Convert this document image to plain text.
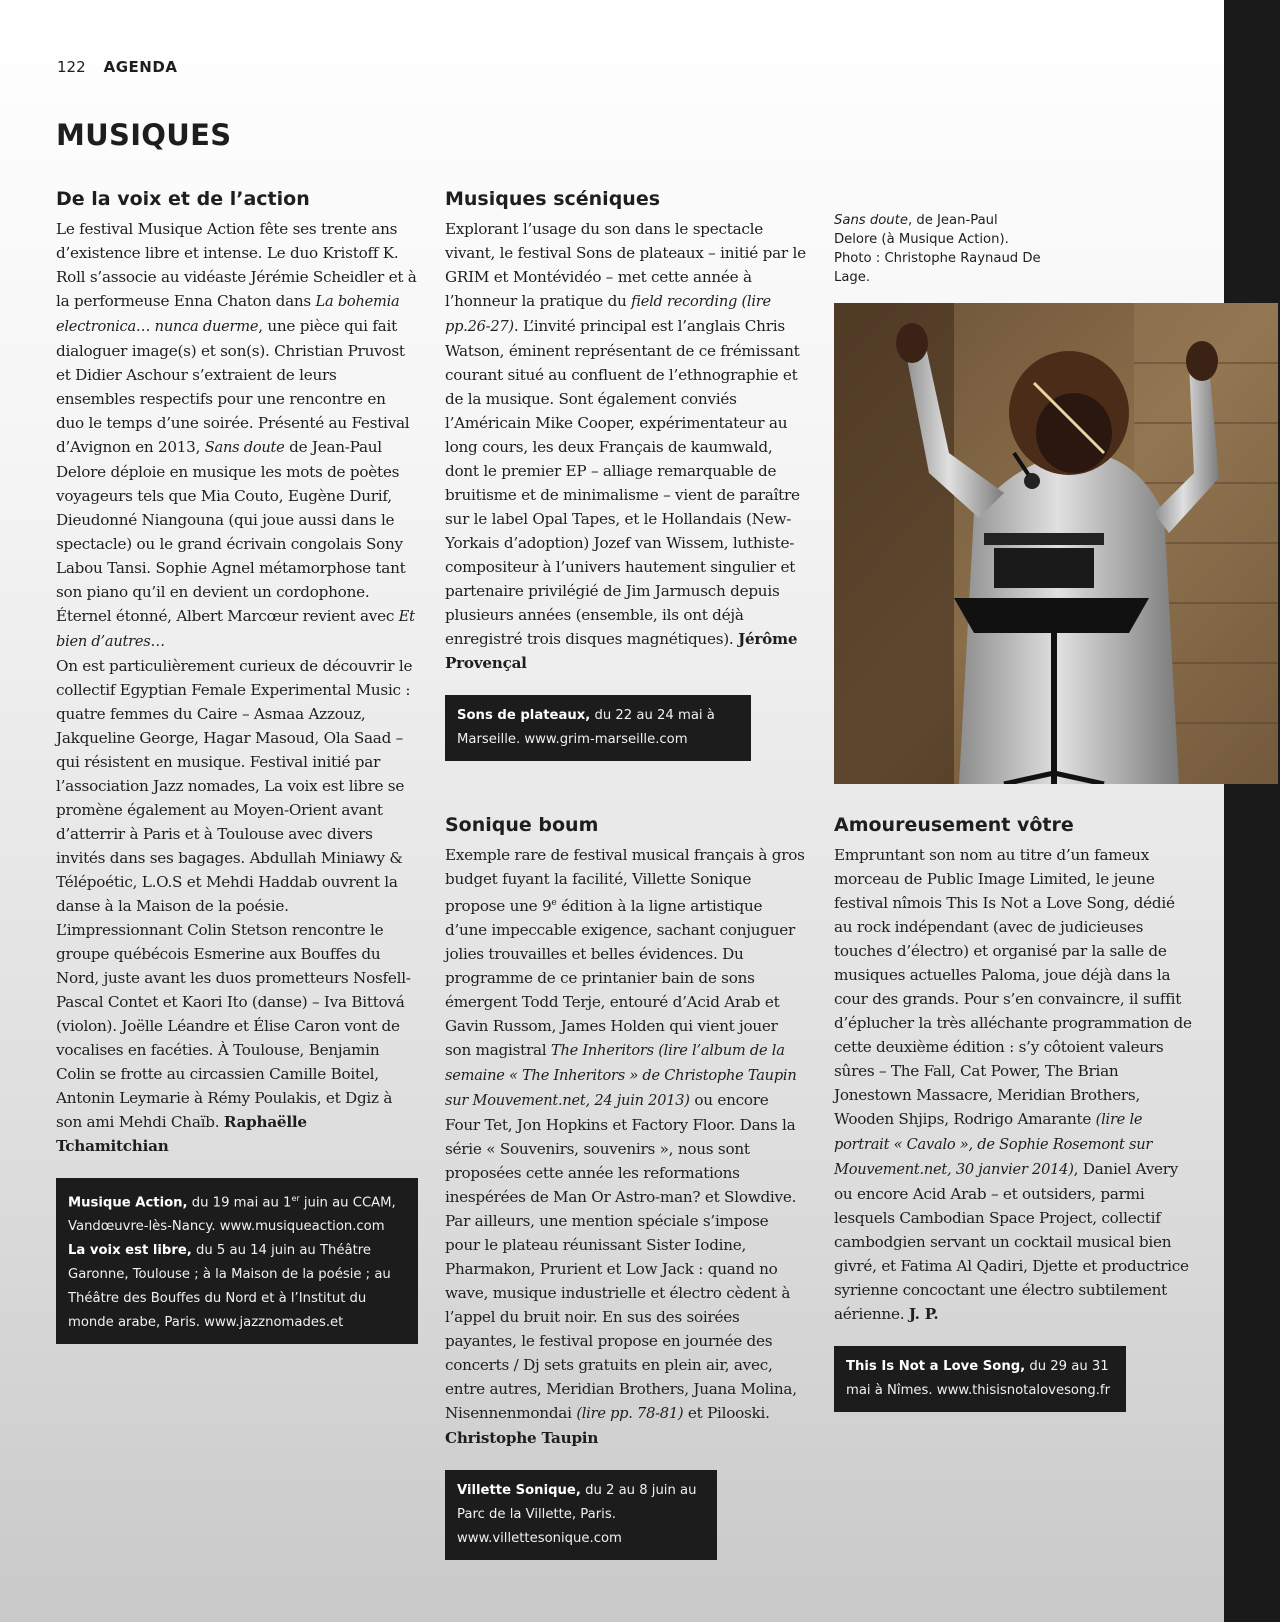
122 AGENDA
MUSIQUES
De la voix et de l’action

Le festival Musique Action fête ses trente ans d’existence libre et intense. Le duo Kristoff K. Roll s’associe au vidéaste Jérémie Scheidler et à la performeuse Enna Chaton dans La bohemia electronica… nunca duerme, une pièce qui fait dialoguer image(s) et son(s). Christian Pruvost et Didier Aschour s’extraient de leurs ensembles respectifs pour une rencontre en duo le temps d’une soirée. Présenté au Festival d’Avignon en 2013, Sans doute de Jean-Paul Delore déploie en musique les mots de poètes voyageurs tels que Mia Couto, Eugène Durif, Dieudonné Niangouna (qui joue aussi dans le spectacle) ou le grand écrivain congolais Sony Labou Tansi. Sophie Agnel métamorphose tant son piano qu’il en devient un cordophone. Éternel étonné, Albert Marcœur revient avec Et bien d’autres…

On est particulièrement curieux de découvrir le collectif Egyptian Female Experimental Music : quatre femmes du Caire – Asmaa Azzouz, Jakqueline George, Hagar Masoud, Ola Saad – qui résistent en musique. Festival initié par l’association Jazz nomades, La voix est libre se promène également au Moyen-Orient avant d’atterrir à Paris et à Toulouse avec divers invités dans ses bagages. Abdullah Miniawy & Télépoétic, L.O.S et Mehdi Haddab ouvrent la danse à la Maison de la poésie. L’impressionnant Colin Stetson rencontre le groupe québécois Esmerine aux Bouffes du Nord, juste avant les duos prometteurs Nosfell-Pascal Contet et Kaori Ito (danse) – Iva Bittová (violon). Joëlle Léandre et Élise Caron vont de vocalises en facéties. À Toulouse, Benjamin Colin se frotte au circassien Camille Boitel, Antonin Leymarie à Rémy Poulakis, et Dgiz à son ami Mehdi Chaïb. Raphaëlle Tchamitchian

Musique Action, du 19 mai au 1er juin au CCAM, Vandœuvre-lès-Nancy. www.musiqueaction.com
La voix est libre, du 5 au 14 juin au Théâtre Garonne, Toulouse ; à la Maison de la poésie ; au Théâtre des Bouffes du Nord et à l’Institut du monde arabe, Paris. www.jazznomades.et
Musiques scéniques

Explorant l’usage du son dans le spectacle vivant, le festival Sons de plateaux – initié par le GRIM et Montévidéo – met cette année à l’honneur la pratique du field recording (lire pp.26-27). L’invité principal est l’anglais Chris Watson, éminent représentant de ce frémissant courant situé au confluent de l’ethnographie et de la musique. Sont également conviés l’Américain Mike Cooper, expérimentateur au long cours, les deux Français de kaumwald, dont le premier EP – alliage remarquable de bruitisme et de minimalisme – vient de paraître sur le label Opal Tapes, et le Hollandais (New-Yorkais d’adoption) Jozef van Wissem, luthiste-compositeur à l’univers hautement singulier et partenaire privilégié de Jim Jarmusch depuis plusieurs années (ensemble, ils ont déjà enregistré trois disques magnétiques). Jérôme Provençal

Sons de plateaux, du 22 au 24 mai à Marseille. www.grim-marseille.com
Sonique boum

Exemple rare de festival musical français à gros budget fuyant la facilité, Villette Sonique propose une 9e édition à la ligne artistique d’une impeccable exigence, sachant conjuguer jolies trouvailles et belles évidences. Du programme de ce printanier bain de sons émergent Todd Terje, entouré d’Acid Arab et Gavin Russom, James Holden qui vient jouer son magistral The Inheritors (lire l’album de la semaine « The Inheritors » de Christophe Taupin sur Mouvement.net, 24 juin 2013) ou encore Four Tet, Jon Hopkins et Factory Floor. Dans la série « Souvenirs, souvenirs », nous sont proposées cette année les reformations inespérées de Man Or Astro-man? et Slowdive. Par ailleurs, une mention spéciale s’impose pour le plateau réunissant Sister Iodine, Pharmakon, Prurient et Low Jack : quand no wave, musique industrielle et électro cèdent à l’appel du bruit noir. En sus des soirées payantes, le festival propose en journée des concerts / Dj sets gratuits en plein air, avec, entre autres, Meridian Brothers, Juana Molina, Nisennenmondai (lire pp. 78-81) et Pilooski. Christophe Taupin

Villette Sonique, du 2 au 8 juin au Parc de la Villette, Paris. www.villettesonique.com
Sans doute, de Jean-Paul Delore (à Musique Action). Photo : Christophe Raynaud De Lage.
Amoureusement vôtre

Empruntant son nom au titre d’un fameux morceau de Public Image Limited, le jeune festival nîmois This Is Not a Love Song, dédié au rock indépendant (avec de judicieuses touches d’électro) et organisé par la salle de musiques actuelles Paloma, joue déjà dans la cour des grands. Pour s’en convaincre, il suffit d’éplucher la très alléchante programmation de cette deuxième édition : s’y côtoient valeurs sûres – The Fall, Cat Power, The Brian Jonestown Massacre, Meridian Brothers, Wooden Shjips, Rodrigo Amarante (lire le portrait « Cavalo », de Sophie Rosemont sur Mouvement.net, 30 janvier 2014), Daniel Avery ou encore Acid Arab – et outsiders, parmi lesquels Cambodian Space Project, collectif cambodgien servant un cocktail musical bien givré, et Fatima Al Qadiri, Djette et productrice syrienne concoctant une électro subtilement aérienne. J. P.

This Is Not a Love Song, du 29 au 31 mai à Nîmes. www.thisisnotalovesong.fr
